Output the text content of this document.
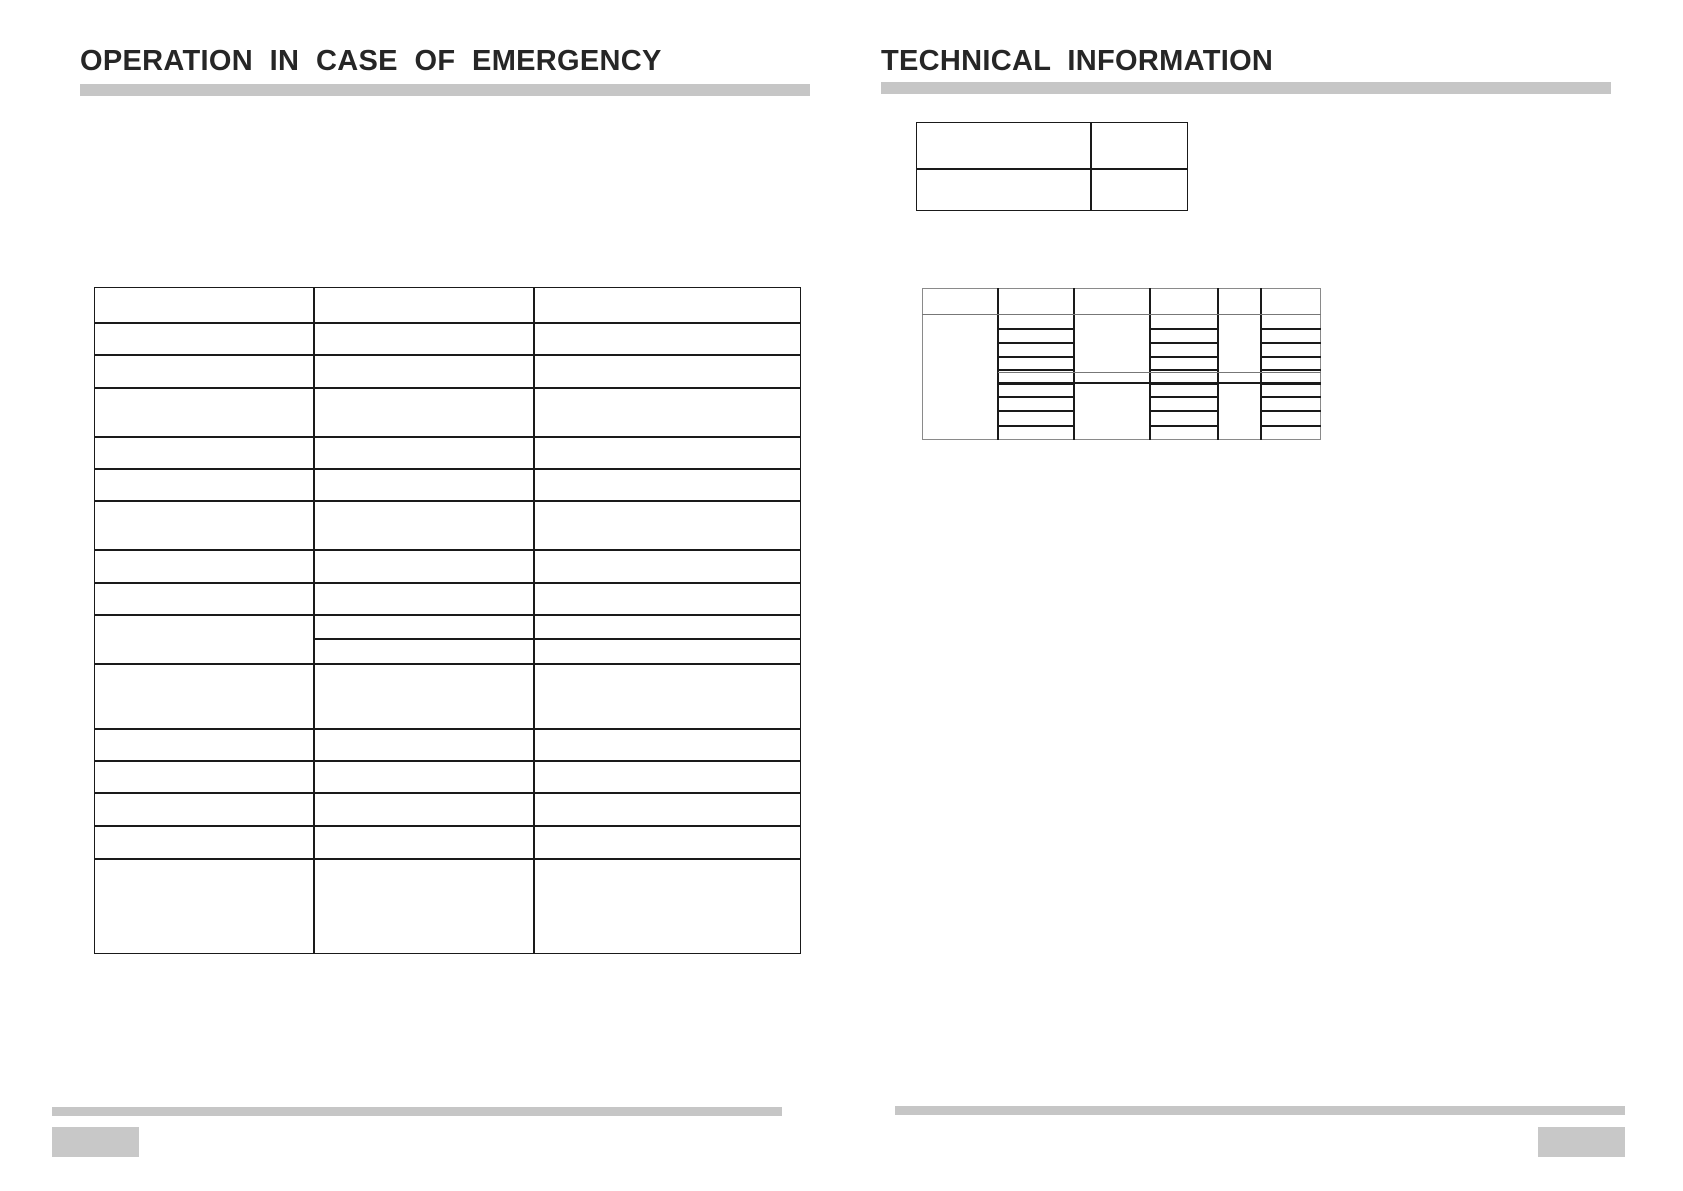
OPERATION  IN  CASE  OF  EMERGENCY	TECHNICAL  INFORMATION
